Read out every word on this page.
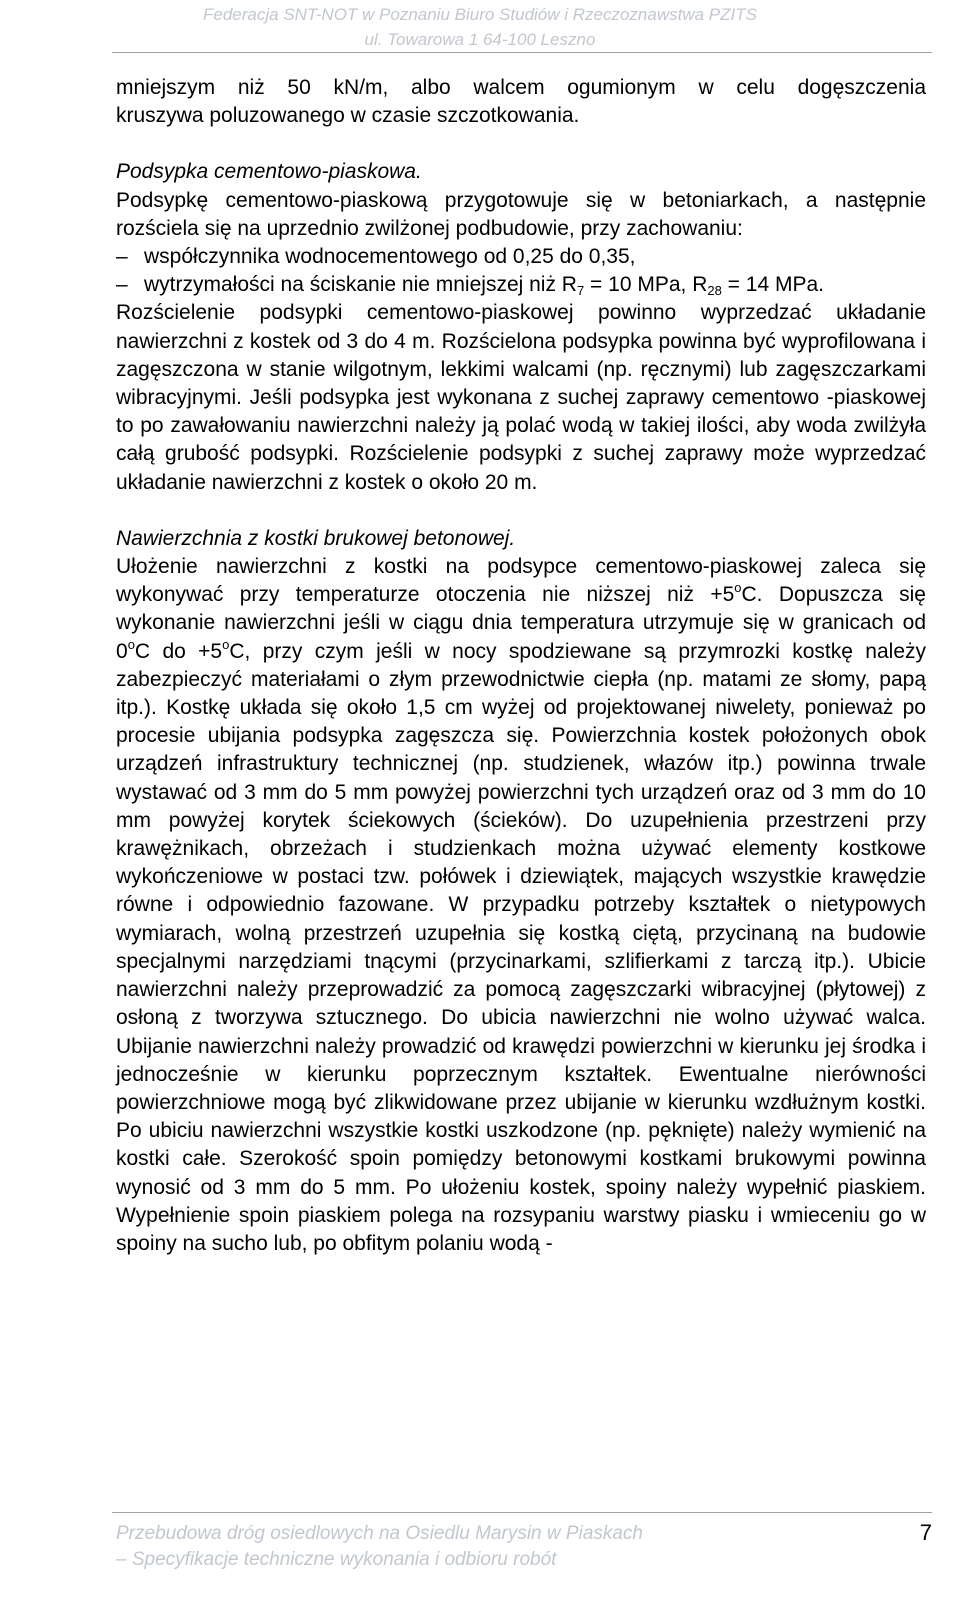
Federacja SNT-NOT w Poznaniu Biuro Studiów i Rzeczoznawstwa PZITS
ul. Towarowa 1 64-100 Leszno

mniejszym niż 50 kN/m, albo walcem ogumionym w celu dogęszczenia

kruszywa poluzowanego w czasie szczotkowania.

Podsypka cementowo-piaskowa.

Podsypkę cementowo-piaskową przygotowuje się w betoniarkach, a następnie rozściela się na uprzednio zwilżonej podbudowie, przy zachowaniu:

– współczynnika wodnocementowego od 0,25 do 0,35,
– wytrzymałości na ściskanie nie mniejszej niż $R_7 = 10$ MPa, $R_{28} = 14$ MPa.

Rozścielenie podsypki cementowo-piaskowej powinno wyprzedzać układanie nawierzchni z kostek od 3 do 4 m. Rozścielona podsypka powinna być wyprofilowana i zagęszczona w stanie wilgotnym, lekkimi walcami (np. ręcznymi) lub zagęszczarkami wibracyjnymi. Jeśli podsypka jest wykonana z suchej zaprawy cementowo -piaskowej to po zawałowaniu nawierzchni należy ją polać wodą w takiej ilości, aby woda zwilżyła całą grubość podsypki. Rozścielenie podsypki z suchej zaprawy może wyprzedzać układanie nawierzchni z kostek o około 20 m.

Nawierzchnia z kostki brukowej betonowej.

Ułożenie nawierzchni z kostki na podsypce cementowo-piaskowej zaleca się wykonywać przy temperaturze otoczenia nie niższej niż $+5^oC$. Dopuszcza się wykonanie nawierzchni jeśli w ciągu dnia temperatura utrzymuje się w granicach od 0$^o$C do $+5^oC$, przy czym jeśli w nocy spodziewane są przymrozki kostkę należy zabezpieczyć materiałami o złym przewodnictwie ciepła (np. matami ze słomy, papą itp.). Kostkę układa się około 1,5 cm wyżej od projektowanej niwelety, ponieważ po procesie ubijania podsypka zagęszcza się. Powierzchnia kostek położonych obok urządzeń infrastruktury technicznej (np. studzienek, włazów itp.) powinna trwale wystawać od 3 mm do 5 mm powyżej powierzchni tych urządzeń oraz od 3 mm do 10 mm powyżej korytek ściekowych (ścieków). Do uzupełnienia przestrzeni przy krawężnikach, obrzeżach i studzienkach można używać elementy kostkowe wykończeniowe w postaci tzw. połówek i dziewiątek, mających wszystkie krawędzie równe i odpowiednio fazowane. W przypadku potrzeby kształtek o nietypowych wymiarach, wolną przestrzeń uzupełnia się kostką ciętą, przycinaną na budowie specjalnymi narzędziami tnącymi (przycinarkami, szlifierkami z tarczą itp.). Ubicie nawierzchni należy przeprowadzić za pomocą zagęszczarki wibracyjnej (płytowej) z osłoną z tworzywa sztucznego. Do ubicia nawierzchni nie wolno używać walca. Ubijanie nawierzchni należy prowadzić od krawędzi powierzchni w kierunku jej środka i jednocześnie w kierunku poprzecznym kształtek. Ewentualne nierówności powierzchniowe mogą być zlikwidowane przez ubijanie w kierunku wzdłużnym kostki. Po ubiciu nawierzchni wszystkie kostki uszkodzone (np. pęknięte) należy wymienić na kostki całe. Szerokość spoin pomiędzy betonowymi kostkami brukowymi powinna wynosić od 3 mm do 5 mm. Po ułożeniu kostek, spoiny należy wypełnić piaskiem. Wypełnienie spoin piaskiem polega na rozsypaniu warstwy piasku i wmieceniu go w spoiny na sucho lub, po obfitym polaniu wodą -

Przebudowa dróg osiedlowych na Osiedlu Marysin w Piaskach
– Specyfikacje techniczne wykonania i odbioru robót
7
